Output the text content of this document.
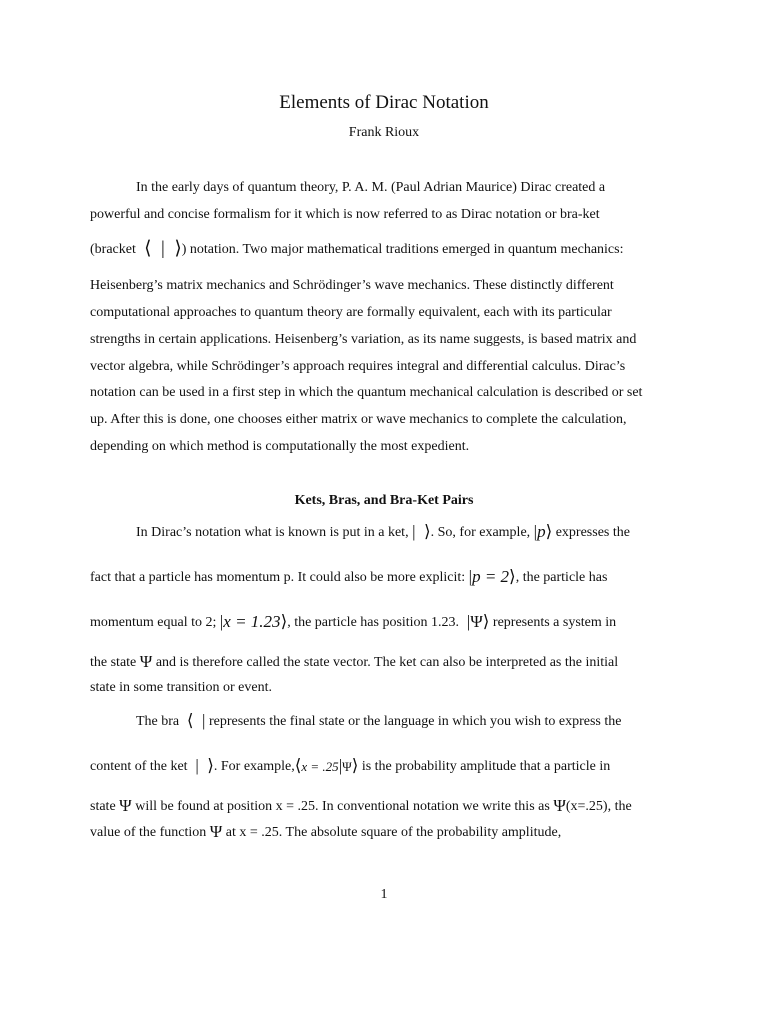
Elements of Dirac Notation
Frank Rioux
In the early days of quantum theory, P. A. M. (Paul Adrian Maurice) Dirac created a
powerful and concise formalism for it which is now referred to as Dirac notation or bra-ket
(bracket  ⟨  |  ⟩) notation. Two major mathematical traditions emerged in quantum mechanics:
Heisenberg’s matrix mechanics and Schrödinger’s wave mechanics. These distinctly different
computational approaches to quantum theory are formally equivalent, each with its particular
strengths in certain applications. Heisenberg’s variation, as its name suggests, is based matrix and
vector algebra, while Schrödinger’s approach requires integral and differential calculus. Dirac’s
notation can be used in a first step in which the quantum mechanical calculation is described or set
up. After this is done, one chooses either matrix or wave mechanics to complete the calculation,
depending on which method is computationally the most expedient.
Kets, Bras, and Bra-Ket Pairs
In Dirac’s notation what is known is put in a ket, |  ⟩. So, for example, |p⟩ expresses the
fact that a particle has momentum p. It could also be more explicit: |p = 2⟩, the particle has
momentum equal to 2; |x = 1.23⟩, the particle has position 1.23.  |Ψ⟩ represents a system in
the state Ψ and is therefore called the state vector. The ket can also be interpreted as the initial
state in some transition or event.
The bra  ⟨  | represents the final state or the language in which you wish to express the
content of the ket  |  ⟩. For example,⟨x = .25|Ψ⟩ is the probability amplitude that a particle in
state Ψ will be found at position x = .25. In conventional notation we write this as Ψ(x=.25), the
value of the function Ψ at x = .25. The absolute square of the probability amplitude,
1
